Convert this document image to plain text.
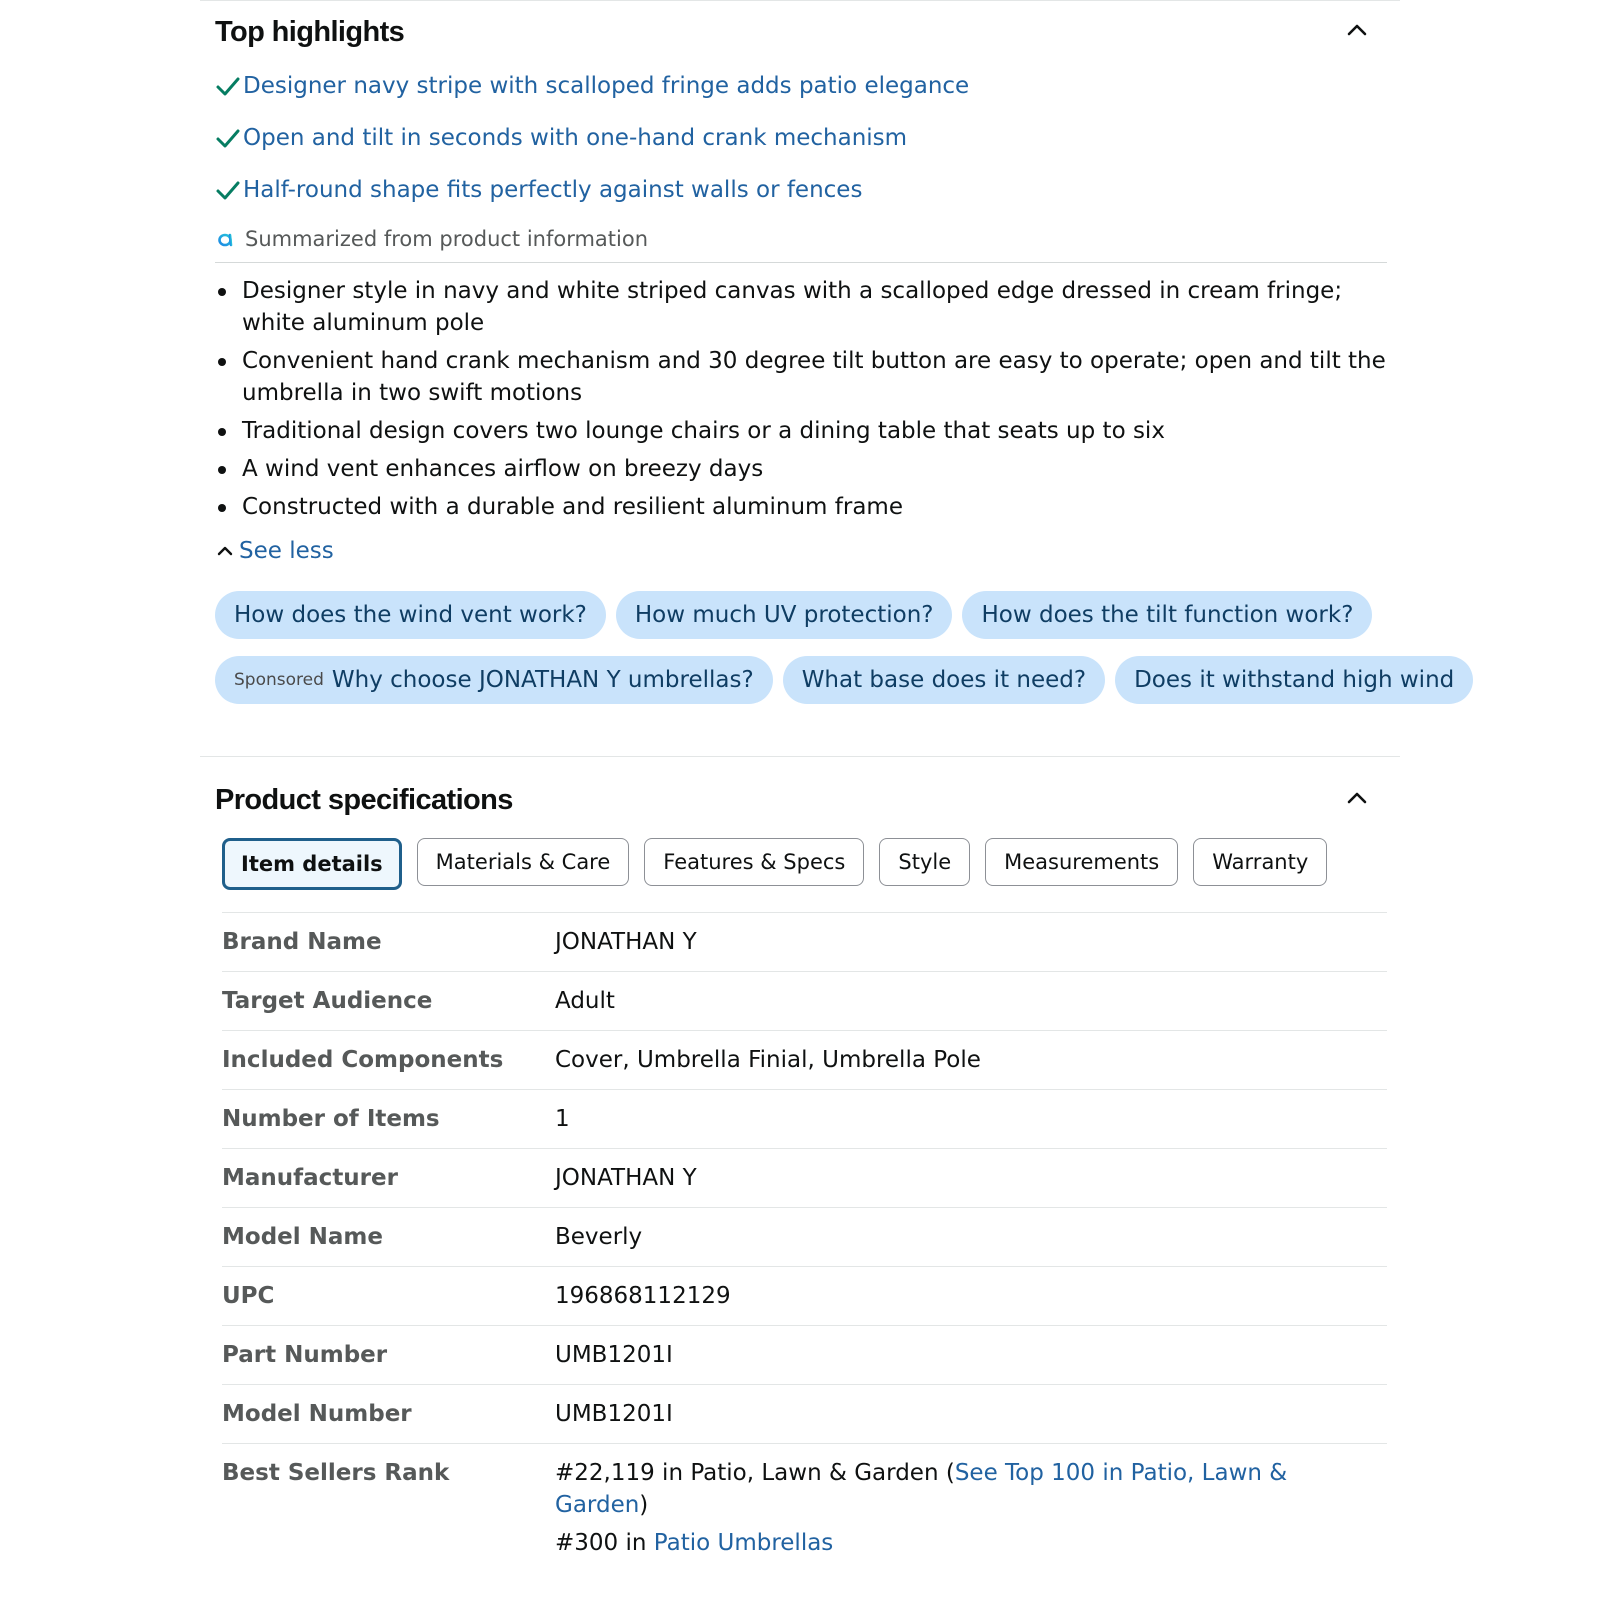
Top highlights
Designer navy stripe with scalloped fringe adds patio elegance
Open and tilt in seconds with one-hand crank mechanism
Half-round shape fits perfectly against walls or fences
Summarized from product information
Designer style in navy and white striped canvas with a scalloped edge dressed in cream fringe; white aluminum pole
Convenient hand crank mechanism and 30 degree tilt button are easy to operate; open and tilt the umbrella in two swift motions
Traditional design covers two lounge chairs or a dining table that seats up to six
A wind vent enhances airflow on breezy days
Constructed with a durable and resilient aluminum frame
See less
How does the wind vent work?	How much UV protection?	How does the tilt function work?
Sponsored Why choose JONATHAN Y umbrellas?	What base does it need?	Does it withstand high wind
Product specifications
Item details	Materials & Care	Features & Specs	Style	Measurements	Warranty
Brand Name	JONATHAN Y
Target Audience	Adult
Included Components	Cover, Umbrella Finial, Umbrella Pole
Number of Items	1
Manufacturer	JONATHAN Y
Model Name	Beverly
UPC	196868112129
Part Number	UMB1201I
Model Number	UMB1201I
Best Sellers Rank	#22,119 in Patio, Lawn & Garden (See Top 100 in Patio, Lawn & Garden)
#300 in Patio Umbrellas
